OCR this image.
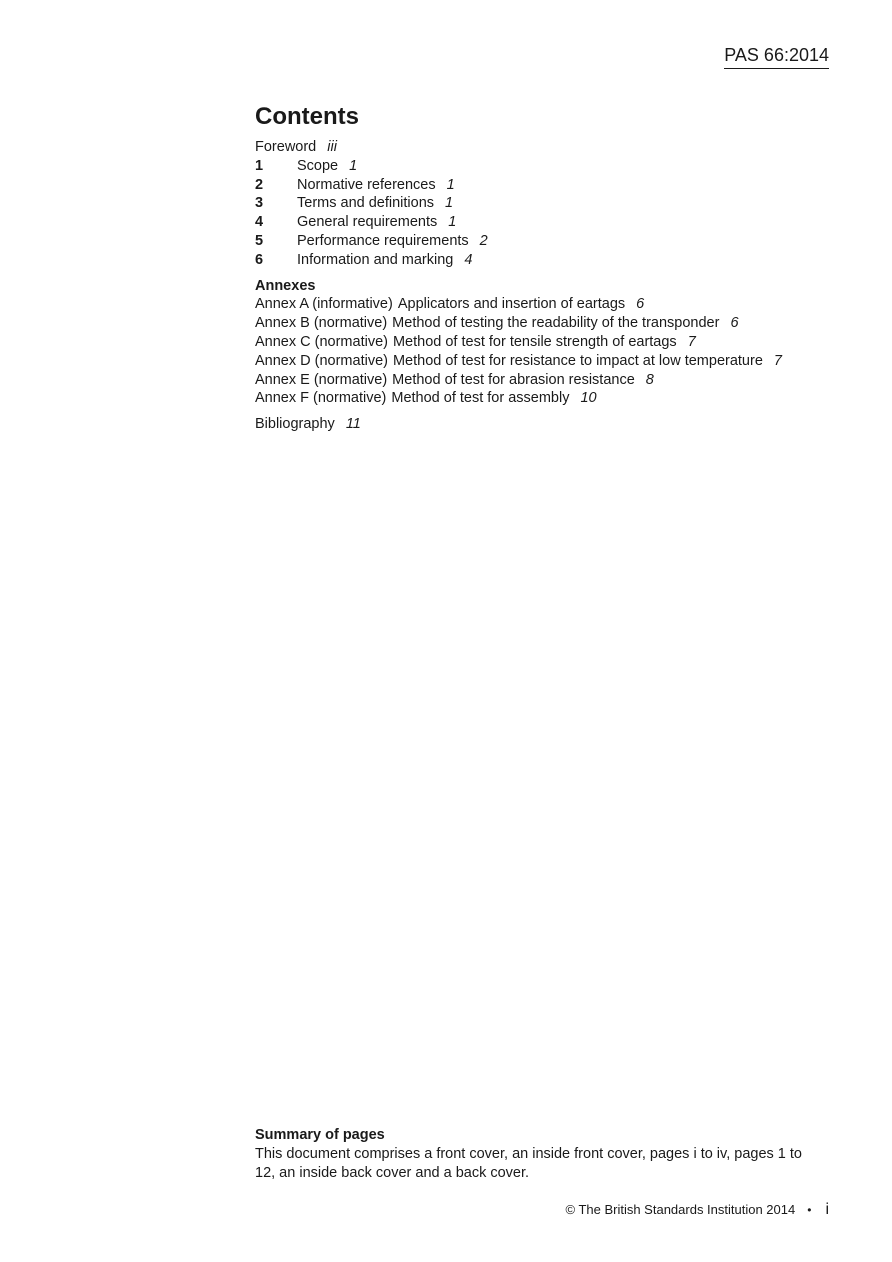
PAS 66:2014
Contents
Foreword iii
1 Scope 1
2 Normative references 1
3 Terms and definitions 1
4 General requirements 1
5 Performance requirements 2
6 Information and marking 4
Annexes
Annex A (informative) Applicators and insertion of eartags 6
Annex B (normative) Method of testing the readability of the transponder 6
Annex C (normative) Method of test for tensile strength of eartags 7
Annex D (normative) Method of test for resistance to impact at low temperature 7
Annex E (normative) Method of test for abrasion resistance 8
Annex F (normative) Method of test for assembly 10
Bibliography 11
Summary of pages
This document comprises a front cover, an inside front cover, pages i to iv, pages 1 to 12, an inside back cover and a back cover.
© The British Standards Institution 2014 • i
